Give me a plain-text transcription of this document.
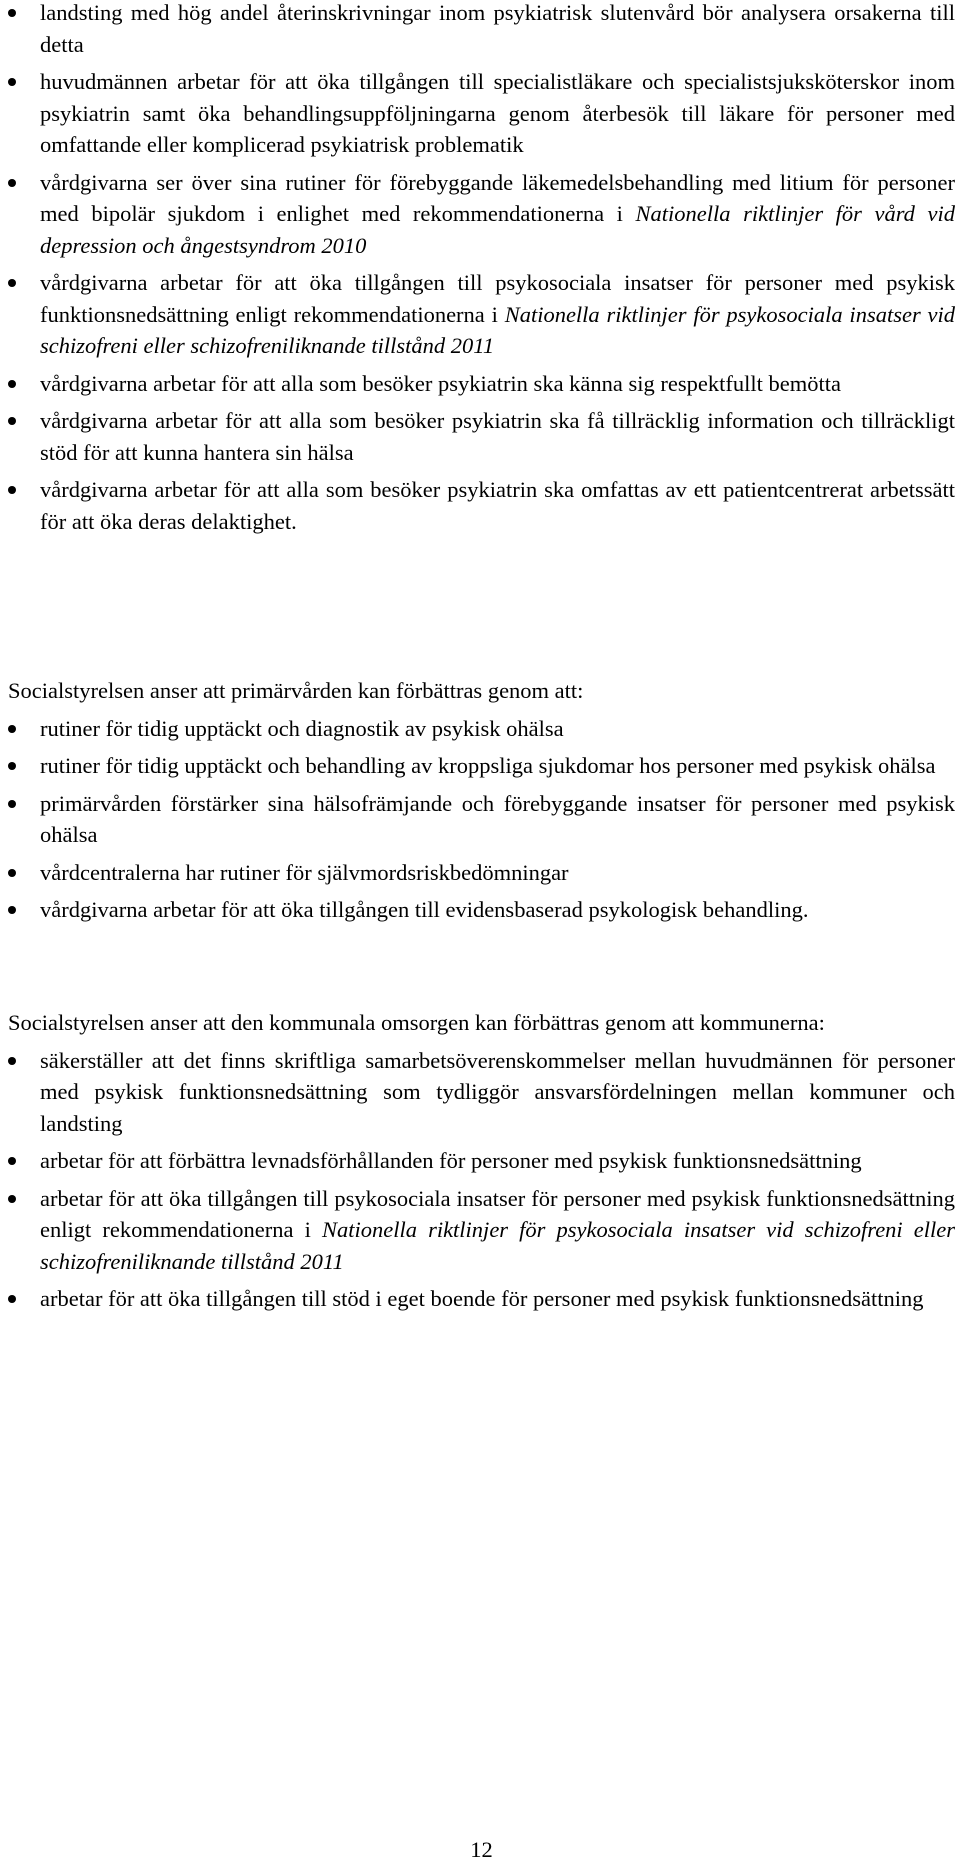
landsting med hög andel återinskrivningar inom psykiatrisk slutenvård bör analysera orsakerna till detta
huvudmännen arbetar för att öka tillgången till specialistläkare och specialistsjuksköterskor inom psykiatrin samt öka behandlingsuppföljningarna genom återbesök till läkare för personer med omfattande eller komplicerad psykiatrisk problematik
vårdgivarna ser över sina rutiner för förebyggande läkemedelsbehandling med litium för personer med bipolär sjukdom i enlighet med rekommendationerna i Nationella riktlinjer för vård vid depression och ångestsyndrom 2010
vårdgivarna arbetar för att öka tillgången till psykosociala insatser för personer med psykisk funktionsnedsättning enligt rekommendationerna i Nationella riktlinjer för psykosociala insatser vid schizofreni eller schizofreniliknande tillstånd 2011
vårdgivarna arbetar för att alla som besöker psykiatrin ska känna sig respektfullt bemötta
vårdgivarna arbetar för att alla som besöker psykiatrin ska få tillräcklig information och tillräckligt stöd för att kunna hantera sin hälsa
vårdgivarna arbetar för att alla som besöker psykiatrin ska omfattas av ett patientcentrerat arbetssätt för att öka deras delaktighet.

Socialstyrelsen anser att primärvården kan förbättras genom att:

rutiner för tidig upptäckt och diagnostik av psykisk ohälsa
rutiner för tidig upptäckt och behandling av kroppsliga sjukdomar hos personer med psykisk ohälsa
primärvården förstärker sina hälsofrämjande och förebyggande insatser för personer med psykisk ohälsa
vårdcentralerna har rutiner för självmordsriskbedömningar
vårdgivarna arbetar för att öka tillgången till evidensbaserad psykologisk behandling.

Socialstyrelsen anser att den kommunala omsorgen kan förbättras genom att kommunerna:

säkerställer att det finns skriftliga samarbetsöverenskommelser mellan huvudmännen för personer med psykisk funktionsnedsättning som tydliggör ansvarsfördelningen mellan kommuner och landsting
arbetar för att förbättra levnadsförhållanden för personer med psykisk funktionsnedsättning
arbetar för att öka tillgången till psykosociala insatser för personer med psykisk funktionsnedsättning enligt rekommendationerna i Nationella riktlinjer för psykosociala insatser vid schizofreni eller schizofreniliknande tillstånd 2011
arbetar för att öka tillgången till stöd i eget boende för personer med psykisk funktionsnedsättning
12
